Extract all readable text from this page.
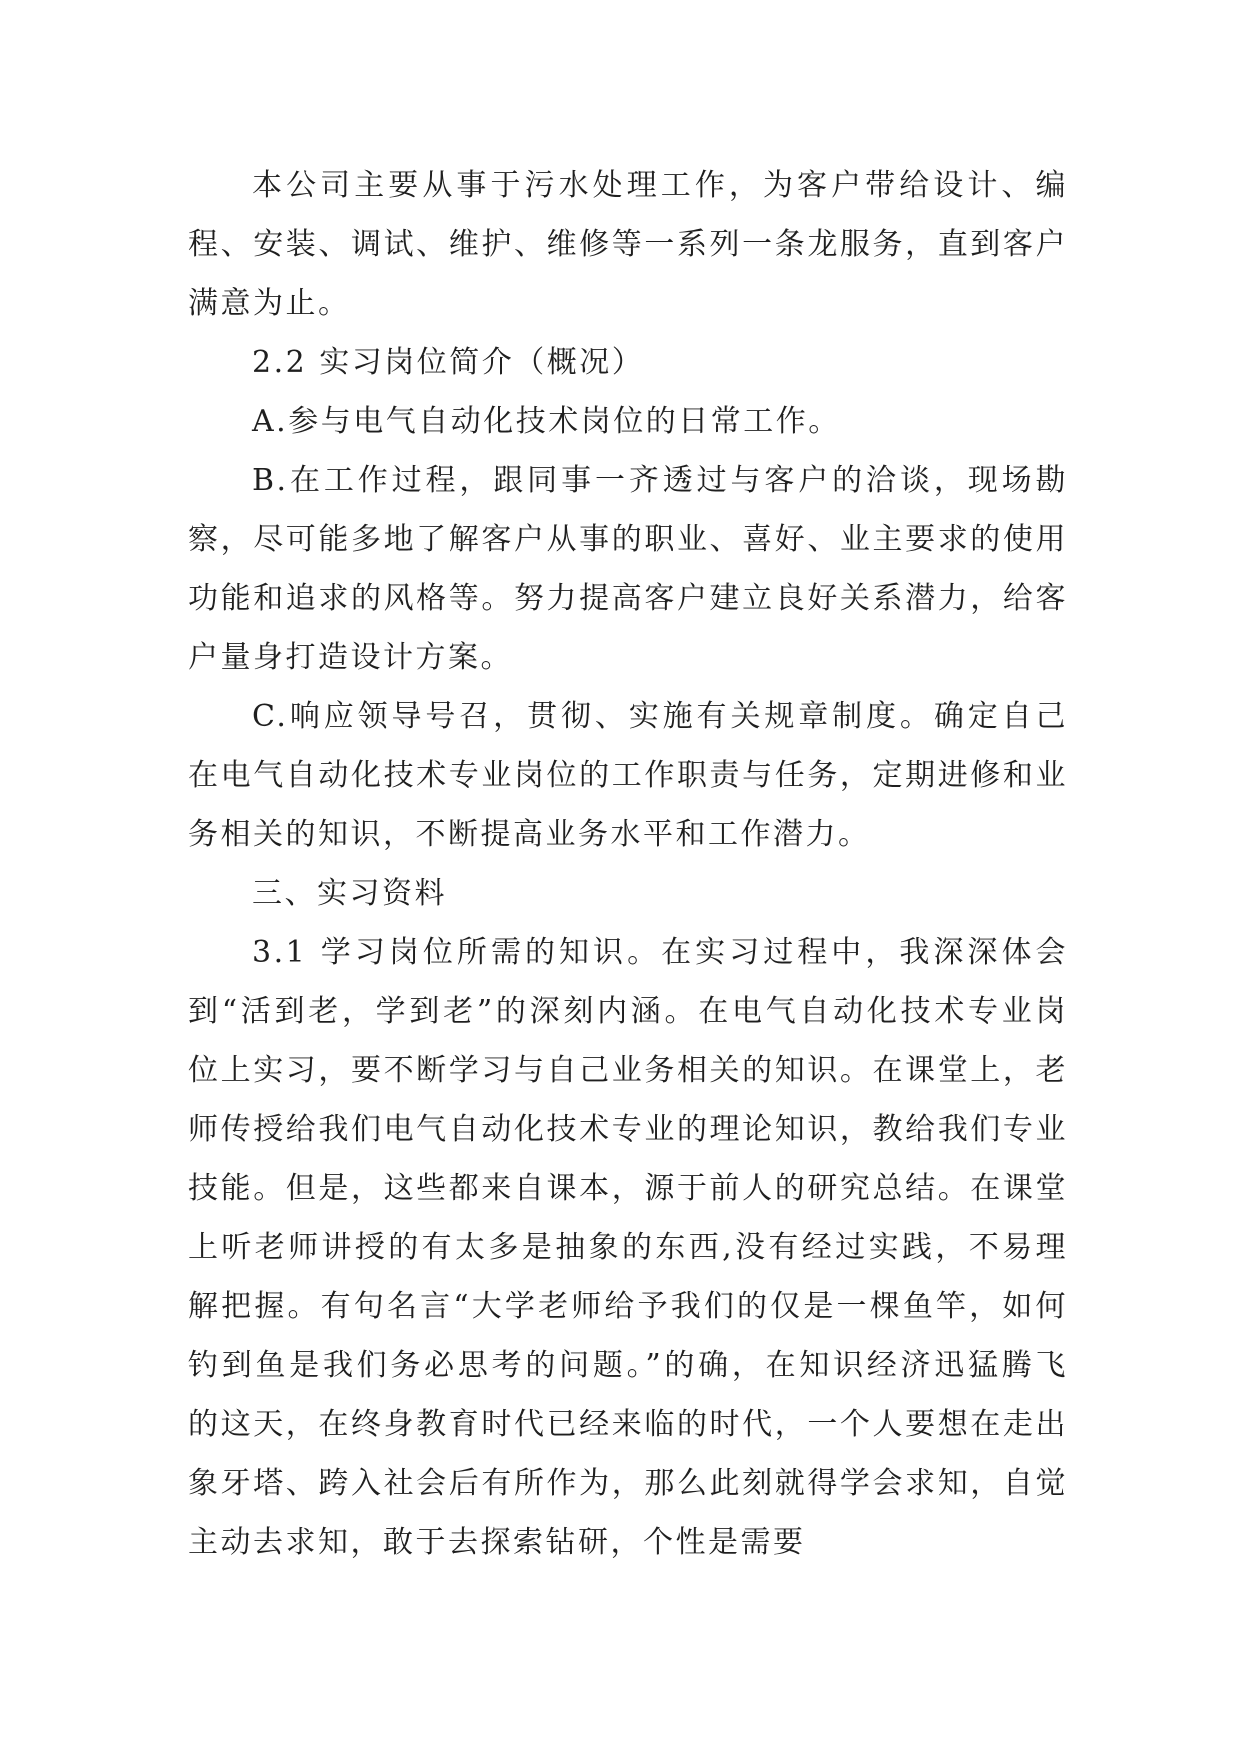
本公司主要从事于污水处理工作，为客户带给设计、编程、安装、调试、维护、维修等一系列一条龙服务，直到客户满意为止。

2.2 实习岗位简介（概况）

A.参与电气自动化技术岗位的日常工作。

B.在工作过程，跟同事一齐透过与客户的洽谈，现场勘察，尽可能多地了解客户从事的职业、喜好、业主要求的使用功能和追求的风格等。努力提高客户建立良好关系潜力，给客户量身打造设计方案。

C.响应领导号召，贯彻、实施有关规章制度。确定自己在电气自动化技术专业岗位的工作职责与任务，定期进修和业务相关的知识，不断提高业务水平和工作潜力。

三、实习资料

3.1 学习岗位所需的知识。在实习过程中，我深深体会到“活到老，学到老”的深刻内涵。在电气自动化技术专业岗位上实习，要不断学习与自己业务相关的知识。在课堂上，老师传授给我们电气自动化技术专业的理论知识，教给我们专业技能。但是，这些都来自课本，源于前人的研究总结。在课堂上听老师讲授的有太多是抽象的东西,没有经过实践，不易理解把握。有句名言“大学老师给予我们的仅是一棵鱼竿，如何钓到鱼是我们务必思考的问题。”的确，在知识经济迅猛腾飞的这天，在终身教育时代已经来临的时代，一个人要想在走出象牙塔、跨入社会后有所作为，那么此刻就得学会求知，自觉主动去求知，敢于去探索钻研，个性是需要
